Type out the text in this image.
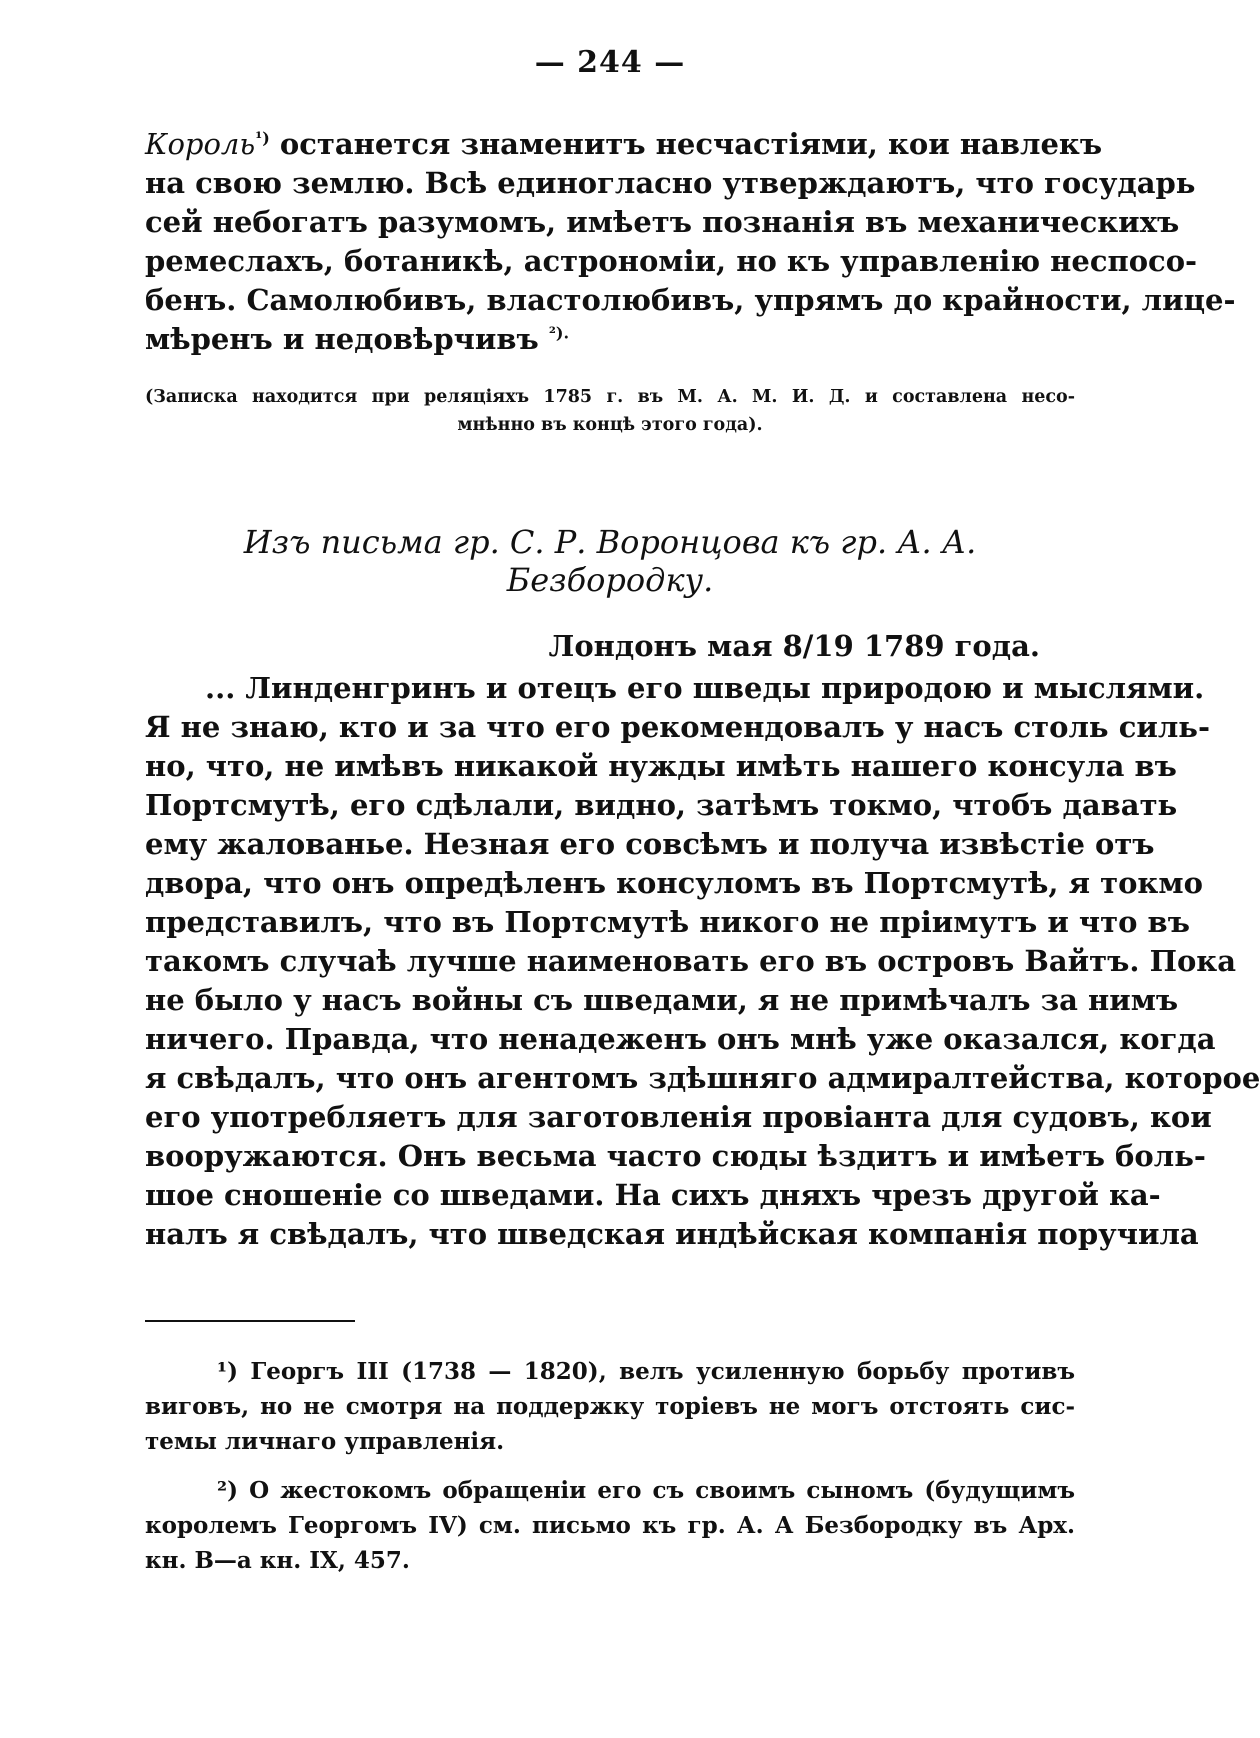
— 244 —

Король$^{^1)}$ останется знаменитъ несчастіями, кои навлекъ
на свою землю. Всѣ единогласно утверждаютъ, что государь
сей небогатъ разумомъ, имѣетъ познанія въ механическихъ
ремеслахъ, ботаникѣ, астрономіи, но къ управленію неспосо-
бенъ. Самолюбивъ, властолюбивъ, упрямъ до крайности, лице-
мѣренъ и недовѣрчивъ $^{^2).}$

(Записка находится при реляціяхъ 1785 г. въ М. А. М. И. Д. и составлена несо-
мнѣнно въ концѣ этого года).
Изъ письма гр. С. Р. Воронцова къ гр. А. А. Безбородку.
Лондонъ мая 8/19 1789 года.

... Линденгринъ и отецъ его шведы природою и мыслями.
Я не знаю, кто и за что его рекомендовалъ у насъ столь силь-
но, что, не имѣвъ никакой нужды имѣть нашего консула въ
Портсмутѣ, его сдѣлали, видно, затѣмъ токмо, чтобъ давать
ему жалованье. Незная его совсѣмъ и получа извѣстіе отъ
двора, что онъ опредѣленъ консуломъ въ Портсмутѣ, я токмо
представилъ, что въ Портсмутѣ никого не пріимутъ и что въ
такомъ случаѣ лучше наименовать его въ островъ Вайтъ. Пока
не было у насъ войны съ шведами, я не примѣчалъ за нимъ
ничего. Правда, что ненадеженъ онъ мнѣ уже оказался, когда
я свѣдалъ, что онъ агентомъ здѣшняго адмиралтейства, которое
его употребляетъ для заготовленія провіанта для судовъ, кои
вооружаются. Онъ весьма часто сюды ѣздитъ и имѣетъ боль-
шое сношеніе со шведами. На сихъ дняхъ чрезъ другой ка-
налъ я свѣдалъ, что шведская индѣйская компанія поручила

¹) Георгъ III (1738 — 1820), велъ усиленную борьбу противъ
виговъ, но не смотря на поддержку торіевъ не могъ отстоять сис-
темы личнаго управленія.

²) О жестокомъ обращеніи его съ своимъ сыномъ (будущимъ
королемъ Георгомъ IV) см. письмо къ гр. А. А Безбородку въ Арх.
кн. В—а кн. IX, 457.
